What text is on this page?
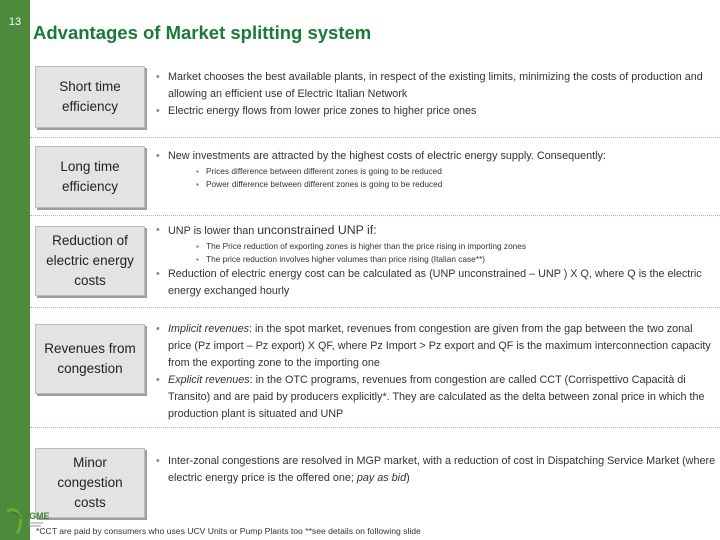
13 Advantages of Market splitting system
Short time efficiency
• Market chooses the best available plants, in respect of the existing limits, minimizing the costs of production and allowing an efficient use of Electric Italian Network
• Electric energy flows from lower price zones to higher price ones
Long time efficiency
• New investments are attracted by the highest costs of electric energy supply. Consequently:
▪ Prices difference between different zones is going to be reduced
▪ Power difference between different zones is going to be reduced
Reduction of electric energy costs
• UNP is lower than unconstrained UNP if:
▪ The Price reduction of exporting zones is higher than the price rising in importing zones
▪ The price reduction involves higher volumes than price rising (Italian case**)
• Reduction of electric energy cost can be calculated as (UNP unconstrained – UNP ) X Q, where Q is the electric energy exchanged hourly
Revenues from congestion
• Implicit revenues: in the spot market, revenues from congestion are given from the gap between the two zonal price (Pz import – Pz export) X QF, where Pz Import > Pz export and QF is the maximum interconnection capacity from the exporting zone to the importing one
• Explicit revenues: in the OTC programs, revenues from congestion are called CCT (Corrispettivo Capacità di Transito) and are paid by producers explicitly*. They are calculated as the delta between zonal price in which the production plant is situated and UNP
Minor congestion costs
• Inter-zonal congestions are resolved in MGP market, with a reduction of cost in Dispatching Service Market (where electric energy price is the offered one; pay as bid)
GME
*CCT are paid by consumers who uses UCV Units or Pump Plants too **see details on following slide
